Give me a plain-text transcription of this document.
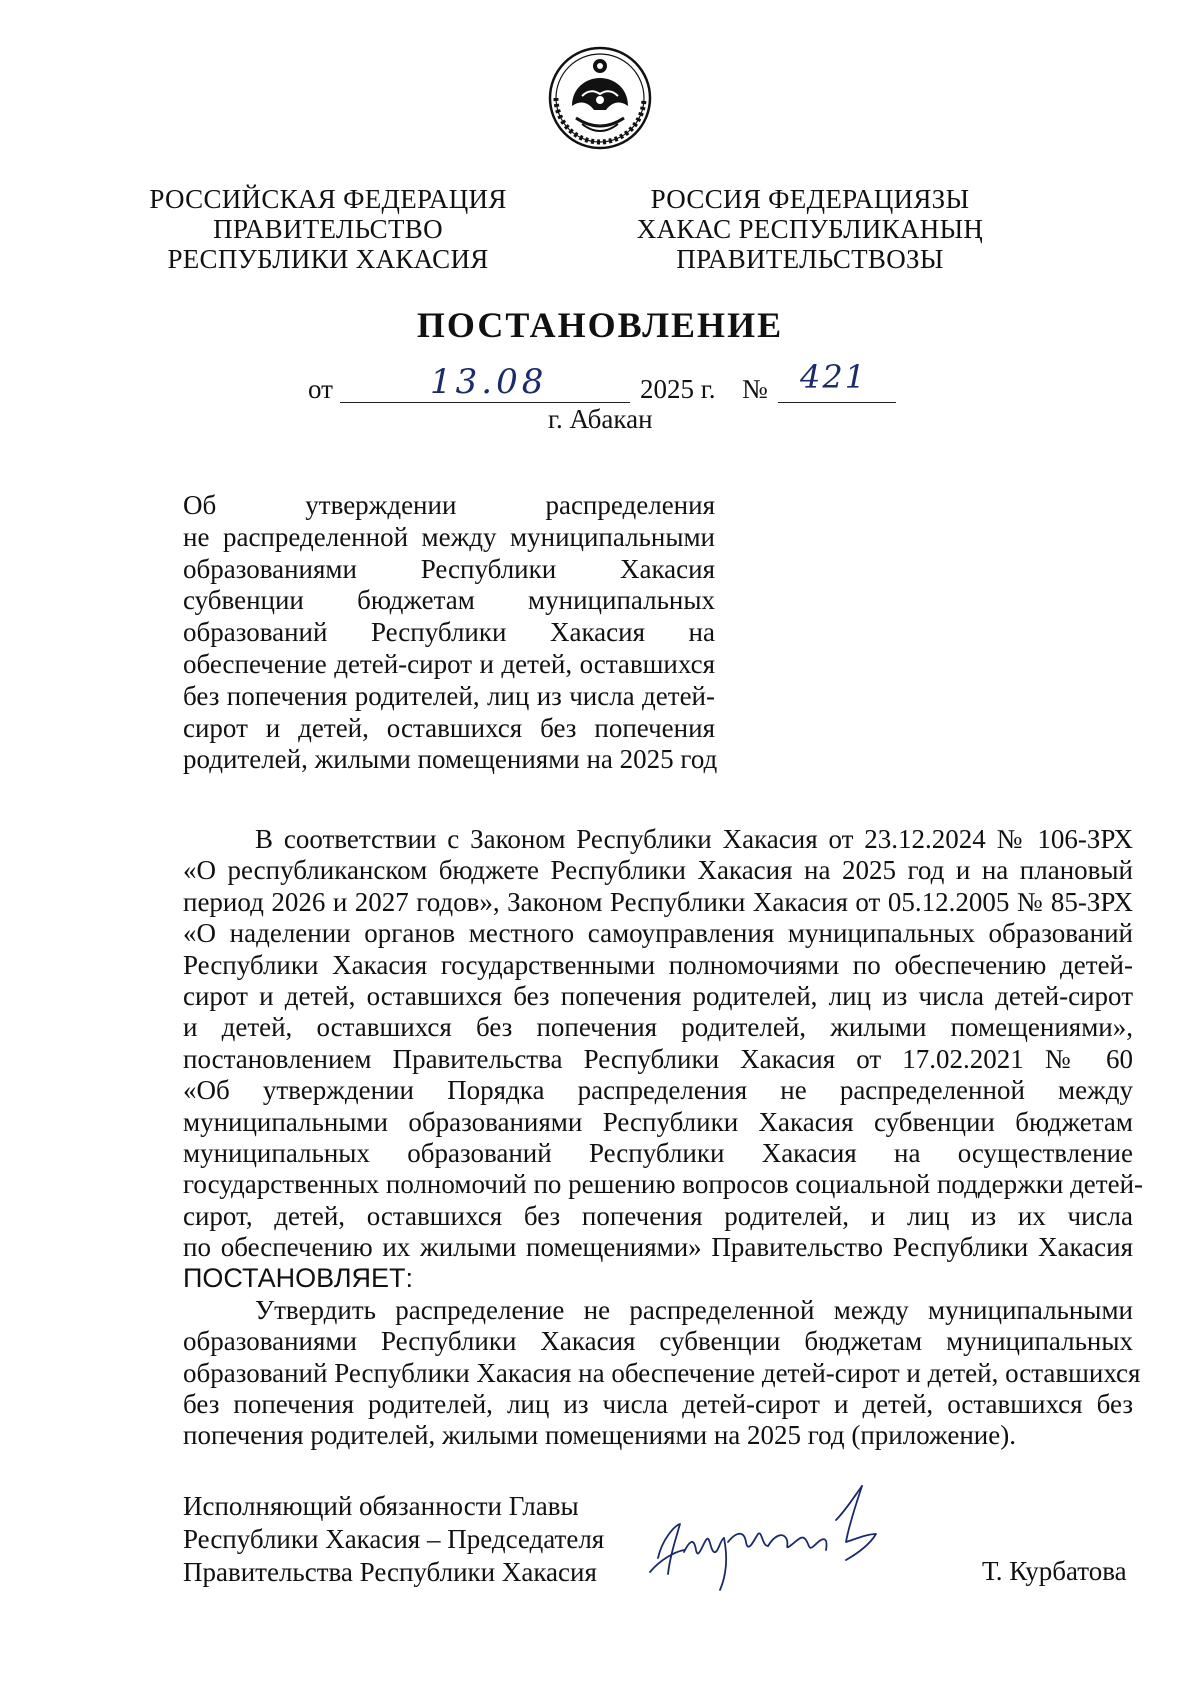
РОССИЙСКАЯ ФЕДЕРАЦИЯ
ПРАВИТЕЛЬСТВО
РЕСПУБЛИКИ ХАКАСИЯ
РОССИЯ ФЕДЕРАЦИЯЗЫ
ХАКАС РЕСПУБЛИКАНЫҢ
ПРАВИТЕЛЬСТВОЗЫ
ПОСТАНОВЛЕНИЕ
от	13.08	2025 г. № 421
г. Абакан
Об утверждении распределения
не распределенной между муниципальными
образованиями Республики Хакасия
субвенции бюджетам муниципальных
образований Республики Хакасия на
обеспечение детей-сирот и детей, оставшихся
без попечения родителей, лиц из числа детей-
сирот и детей, оставшихся без попечения
родителей, жилыми помещениями на 2025 год
В соответствии с Законом Республики Хакасия от 23.12.2024 № 106-ЗРХ
«О республиканском бюджете Республики Хакасия на 2025 год и на плановый
период 2026 и 2027 годов», Законом Республики Хакасия от 05.12.2005 № 85-ЗРХ
«О наделении органов местного самоуправления муниципальных образований
Республики Хакасия государственными полномочиями по обеспечению детей-
сирот и детей, оставшихся без попечения родителей, лиц из числа детей-сирот
и детей, оставшихся без попечения родителей, жилыми помещениями»,
постановлением Правительства Республики Хакасия от 17.02.2021 № 60
«Об утверждении Порядка распределения не распределенной между
муниципальными образованиями Республики Хакасия субвенции бюджетам
муниципальных образований Республики Хакасия на осуществление
государственных полномочий по решению вопросов социальной поддержки детей-
сирот, детей, оставшихся без попечения родителей, и лиц из их числа
по обеспечению их жилыми помещениями» Правительство Республики Хакасия
ПОСТАНОВЛЯЕТ:
Утвердить распределение не распределенной между муниципальными
образованиями Республики Хакасия субвенции бюджетам муниципальных
образований Республики Хакасия на обеспечение детей-сирот и детей, оставшихся
без попечения родителей, лиц из числа детей-сирот и детей, оставшихся без
попечения родителей, жилыми помещениями на 2025 год (приложение).
Исполняющий обязанности Главы
Республики Хакасия – Председателя
Правительства Республики Хакасия	Т. Курбатова
